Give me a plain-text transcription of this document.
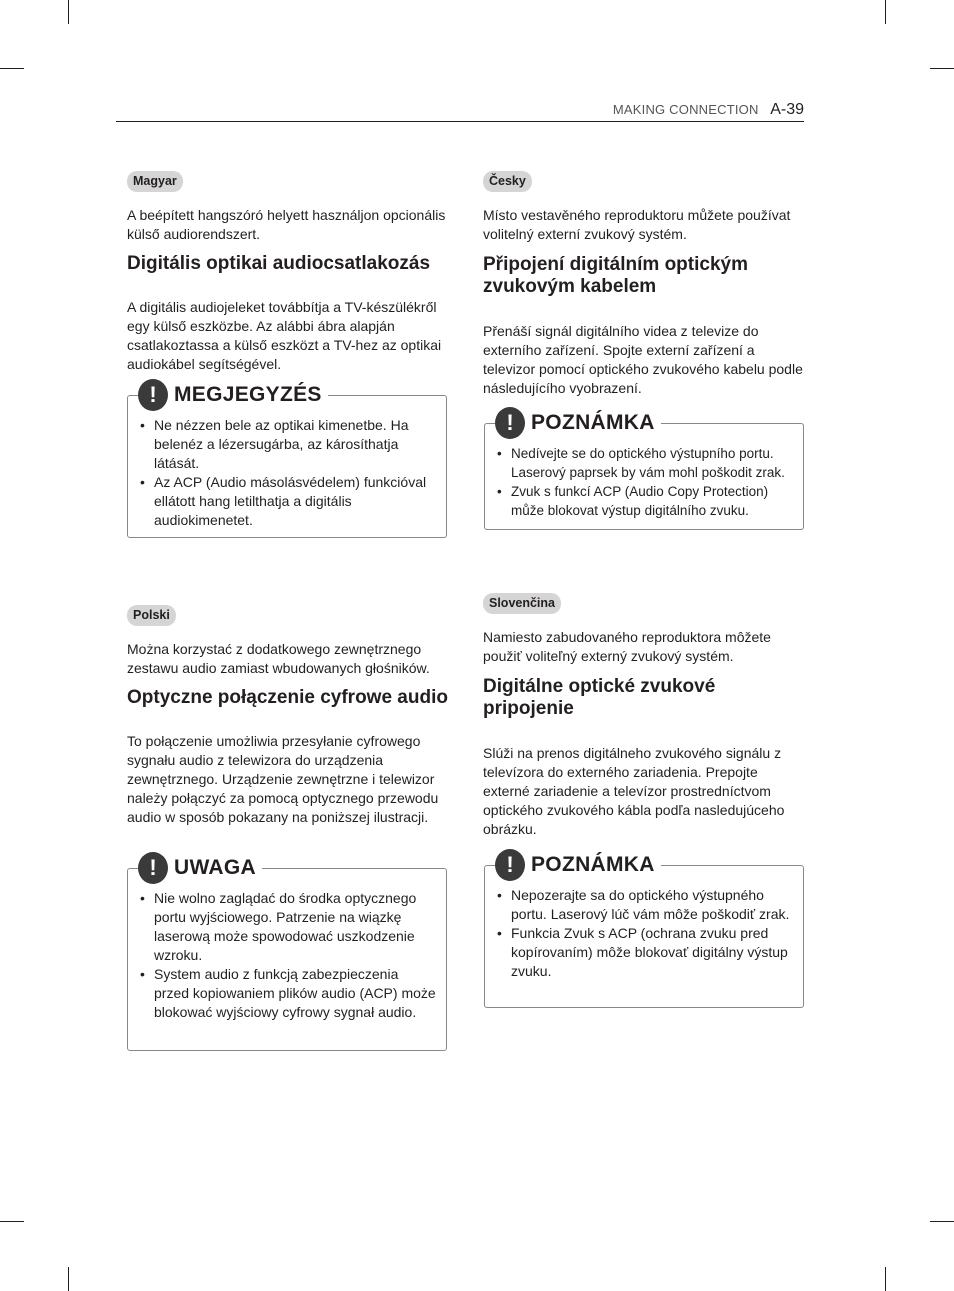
MAKING CONNECTION A-39
Magyar

A beépített hangszóró helyett használjon opcionális külső audiorendszert.

Digitális optikai audiocsatlakozás

A digitális audiojeleket továbbítja a TV-készülékről egy külső eszközbe. Az alábbi ábra alapján csatlakoztassa a külső eszközt a TV-hez az optikai audiokábel segítségével.

! MEGJEGYZÉS
• Ne nézzen bele az optikai kimenetbe. Ha belenéz a lézersugárba, az károsíthatja látását.
• Az ACP (Audio másolásvédelem) funkcióval ellátott hang letilthatja a digitális audiokimenetet.
Česky

Místo vestavěného reproduktoru můžete používat volitelný externí zvukový systém.

Připojení digitálním optickým zvukovým kabelem

Přenáší signál digitálního videa z televize do externího zařízení. Spojte externí zařízení a televizor pomocí optického zvukového kabelu podle následujícího vyobrazení.

! POZNÁMKA
• Nedívejte se do optického výstupního portu. Laserový paprsek by vám mohl poškodit zrak.
• Zvuk s funkcí ACP (Audio Copy Protection) může blokovat výstup digitálního zvuku.
Polski

Można korzystać z dodatkowego zewnętrznego zestawu audio zamiast wbudowanych głośników.

Optyczne połączenie cyfrowe audio

To połączenie umożliwia przesyłanie cyfrowego sygnału audio z telewizora do urządzenia zewnętrznego. Urządzenie zewnętrzne i telewizor należy połączyć za pomocą optycznego przewodu audio w sposób pokazany na poniższej ilustracji.

! UWAGA
• Nie wolno zaglądać do środka optycznego portu wyjściowego. Patrzenie na wiązkę laserową może spowodować uszkodzenie wzroku.
• System audio z funkcją zabezpieczenia przed kopiowaniem plików audio (ACP) może blokować wyjściowy cyfrowy sygnał audio.
Slovenčina

Namiesto zabudovaného reproduktora môžete použiť voliteľný externý zvukový systém.

Digitálne optické zvukové pripojenie

Slúži na prenos digitálneho zvukového signálu z televízora do externého zariadenia. Prepojte externé zariadenie a televízor prostredníctvom optického zvukového kábla podľa nasledujúceho obrázku.

! POZNÁMKA
• Nepozerajte sa do optického výstupného portu. Laserový lúč vám môže poškodiť zrak.
• Funkcia Zvuk s ACP (ochrana zvuku pred kopírovaním) môže blokovať digitálny výstup zvuku.
